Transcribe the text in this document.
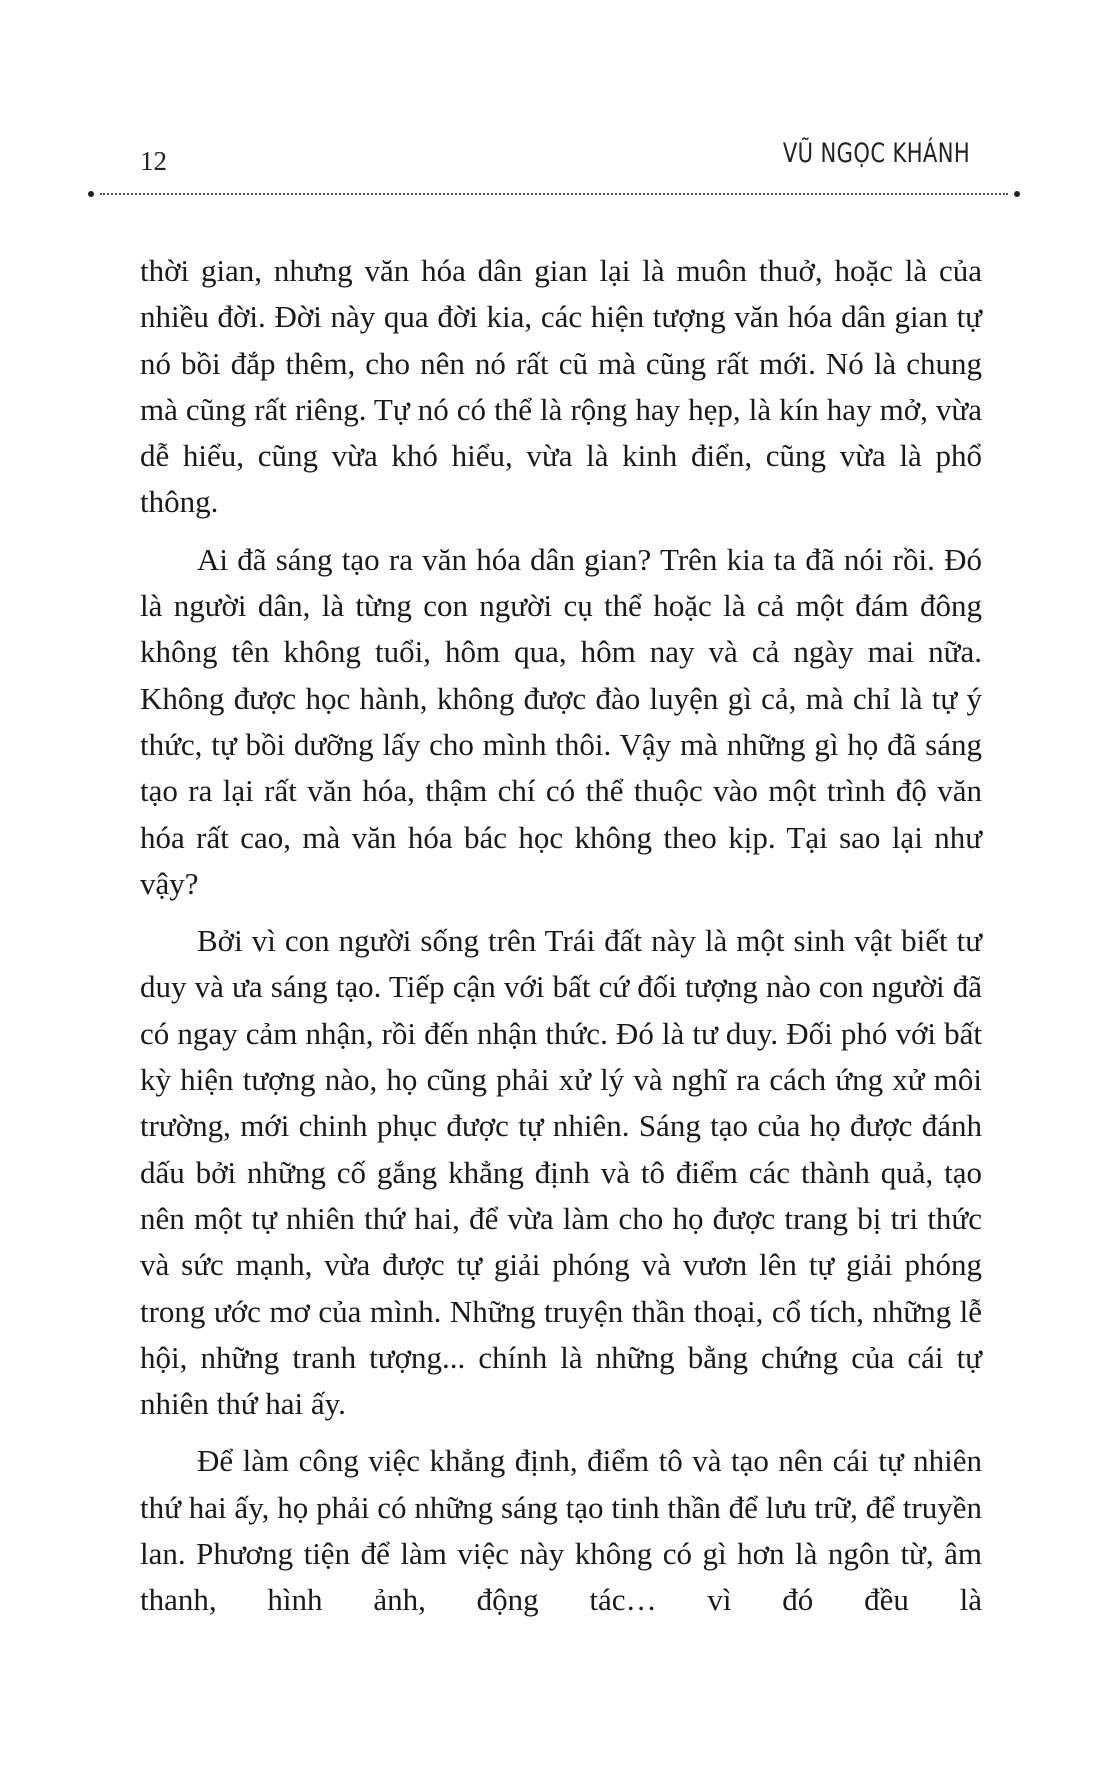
12	VŨ NGỌC KHÁNH

thời gian, nhưng văn hóa dân gian lại là muôn thuở, hoặc là của nhiều đời. Đời này qua đời kia, các hiện tượng văn hóa dân gian tự nó bồi đắp thêm, cho nên nó rất cũ mà cũng rất mới. Nó là chung mà cũng rất riêng. Tự nó có thể là rộng hay hẹp, là kín hay mở, vừa dễ hiểu, cũng vừa khó hiểu, vừa là kinh điển, cũng vừa là phổ thông.

Ai đã sáng tạo ra văn hóa dân gian? Trên kia ta đã nói rồi. Đó là người dân, là từng con người cụ thể hoặc là cả một đám đông không tên không tuổi, hôm qua, hôm nay và cả ngày mai nữa. Không được học hành, không được đào luyện gì cả, mà chỉ là tự ý thức, tự bồi dưỡng lấy cho mình thôi. Vậy mà những gì họ đã sáng tạo ra lại rất văn hóa, thậm chí có thể thuộc vào một trình độ văn hóa rất cao, mà văn hóa bác học không theo kịp. Tại sao lại như vậy?

Bởi vì con người sống trên Trái đất này là một sinh vật biết tư duy và ưa sáng tạo. Tiếp cận với bất cứ đối tượng nào con người đã có ngay cảm nhận, rồi đến nhận thức. Đó là tư duy. Đối phó với bất kỳ hiện tượng nào, họ cũng phải xử lý và nghĩ ra cách ứng xử môi trường, mới chinh phục được tự nhiên. Sáng tạo của họ được đánh dấu bởi những cố gắng khẳng định và tô điểm các thành quả, tạo nên một tự nhiên thứ hai, để vừa làm cho họ được trang bị tri thức và sức mạnh, vừa được tự giải phóng và vươn lên tự giải phóng trong ước mơ của mình. Những truyện thần thoại, cổ tích, những lễ hội, những tranh tượng... chính là những bằng chứng của cái tự nhiên thứ hai ấy.

Để làm công việc khẳng định, điểm tô và tạo nên cái tự nhiên thứ hai ấy, họ phải có những sáng tạo tinh thần để lưu trữ, để truyền lan. Phương tiện để làm việc này không có gì hơn là ngôn từ, âm thanh, hình ảnh, động tác… vì đó đều là
